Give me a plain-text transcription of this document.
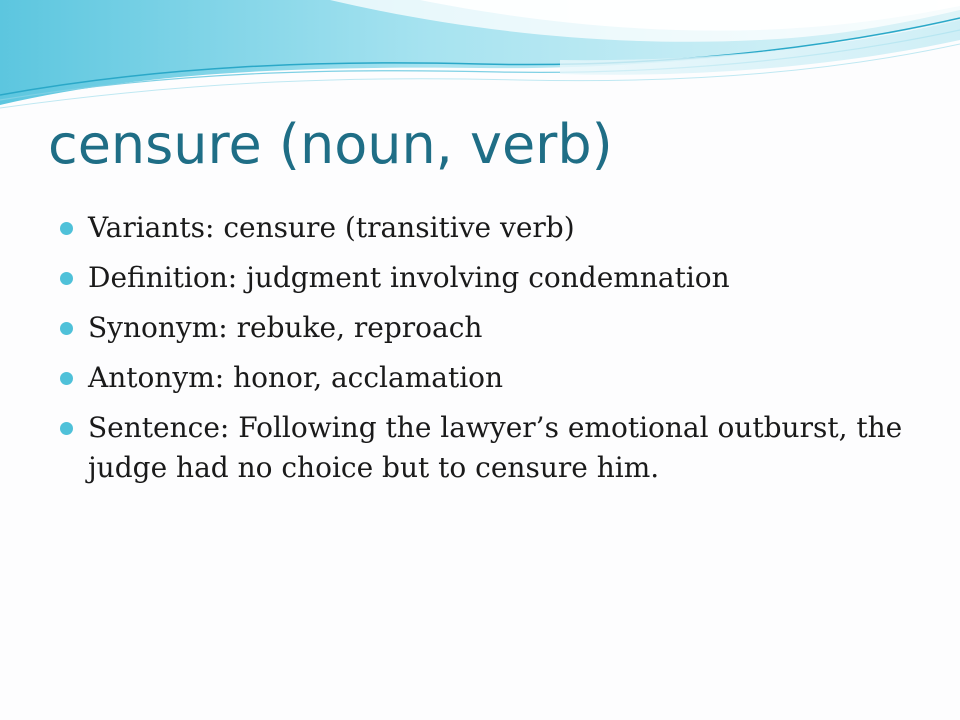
censure (noun, verb)
Variants: censure (transitive verb)
Definition: judgment involving condemnation
Synonym: rebuke, reproach
Antonym: honor, acclamation
Sentence: Following the lawyer’s emotional outburst, the judge had no choice but to censure him.
